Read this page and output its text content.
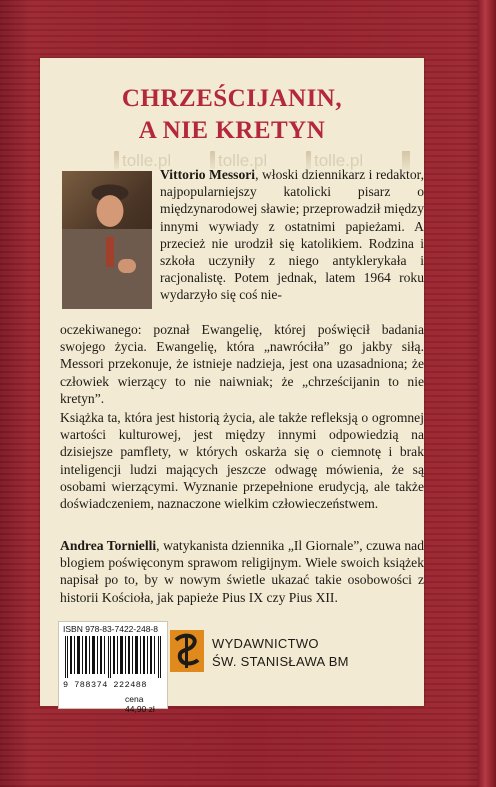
CHRZEŚCIJANIN,
A NIE KRETYN
tolle.pl	tolle.pl	tolle.pl

Vittorio Messori, włoski dziennikarz i redaktor, najpopularniejszy katolicki pisarz o międzynarodowej sławie; przeprowadził między innymi wywiady z ostatnimi papieżami. A przecież nie urodził się katolikiem. Rodzina i szkoła uczyniły z niego antyklerykała i racjonalistę. Potem jednak, latem 1964 roku wydarzyło się coś nie-

oczekiwanego: poznał Ewangelię, której poświęcił badania swojego życia. Ewangelię, która „nawróciła” go jakby siłą. Messori przekonuje, że istnieje nadzieja, jest ona uzasadniona; że człowiek wierzący to nie naiwniak; że „chrześcijanin to nie kretyn”.

Książka ta, która jest historią życia, ale także refleksją o ogromnej wartości kulturowej, jest między innymi odpowiedzią na dzisiejsze pamflety, w których oskarża się o ciemnotę i brak inteligencji ludzi mających jeszcze odwagę mówienia, że są osobami wierzącymi. Wyznanie przepełnione erudycją, ale także doświadczeniem, naznaczone wielkim człowieczeństwem.

Andrea Tornielli, watykanista dziennika „Il Giornale”, czuwa nad blogiem poświęconym sprawom religijnym. Wiele swoich książek napisał po to, by w nowym świetle ukazać takie osobowości z historii Kościoła, jak papieże Pius IX czy Pius XII.

ISBN 978-83-7422-248-8
9 788374 222488
cena 44,90 zł
WYDAWNICTWO
ŚW. STANISŁAWA BM
